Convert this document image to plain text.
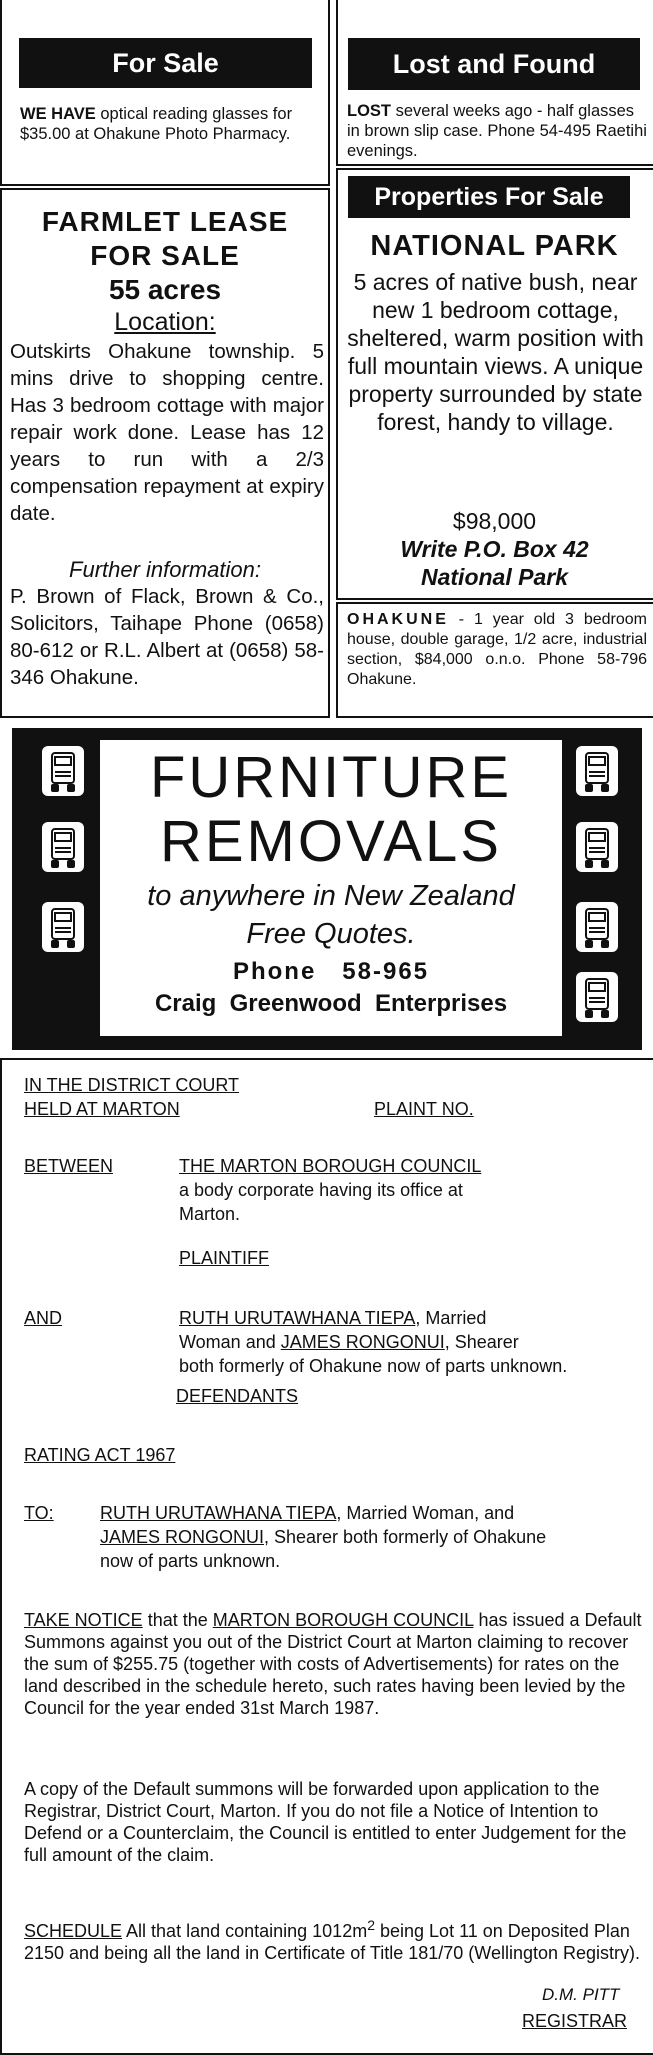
For Sale
WE HAVE optical reading glasses for $35.00 at Ohakune Photo Pharmacy.
Lost and Found
LOST several weeks ago - half glasses in brown slip case. Phone 54-495 Raetihi evenings.
FARMLET LEASE
FOR SALE
55 acres
Location:
Outskirts Ohakune township. 5 mins drive to shopping centre. Has 3 bedroom cottage with major repair work done. Lease has 12 years to run with a 2/3 compensation repayment at expiry date.
Further information:
P. Brown of Flack, Brown & Co., Solicitors, Taihape Phone (0658) 80-612 or R.L. Albert at (0658) 58-346 Ohakune.
Properties For Sale
NATIONAL PARK
5 acres of native bush, near new 1 bedroom cottage, sheltered, warm position with full mountain views. A unique property surrounded by state forest, handy to village.
$98,000
Write P.O. Box 42
National Park
OHAKUNE - 1 year old 3 bedroom house, double garage, 1/2 acre, industrial section, $84,000 o.n.o. Phone 58-796 Ohakune.
FURNITURE
REMOVALS
to anywhere in New Zealand
Free Quotes.
Phone   58-965
Craig  Greenwood  Enterprises
IN THE DISTRICT COURT
HELD AT MARTON	PLAINT NO.
BETWEEN	THE MARTON BOROUGH COUNCIL
a body corporate having its office at
Marton.
PLAINTIFF
AND	RUTH URUTAWHANA TIEPA, Married
Woman and JAMES RONGONUI, Shearer
both formerly of Ohakune now of parts unknown.
DEFENDANTS
RATING ACT 1967
TO:	RUTH URUTAWHANA TIEPA, Married Woman, and
JAMES RONGONUI, Shearer both formerly of Ohakune
now of parts unknown.
TAKE NOTICE that the MARTON BOROUGH COUNCIL has issued a Default Summons against you out of the District Court at Marton claiming to recover the sum of $255.75 (together with costs of Advertisements) for rates on the land described in the schedule hereto, such rates having been levied by the Council for the year ended 31st March 1987.
A copy of the Default summons will be forwarded upon application to the Registrar, District Court, Marton. If you do not file a Notice of Intention to Defend or a Counterclaim, the Council is entitled to enter Judgement for the full amount of the claim.
SCHEDULE All that land containing $1012m^2$ being Lot 11 on Deposited Plan 2150 and being all the land in Certificate of Title 181/70 (Wellington Registry).
D.M. PITT
REGISTRAR
